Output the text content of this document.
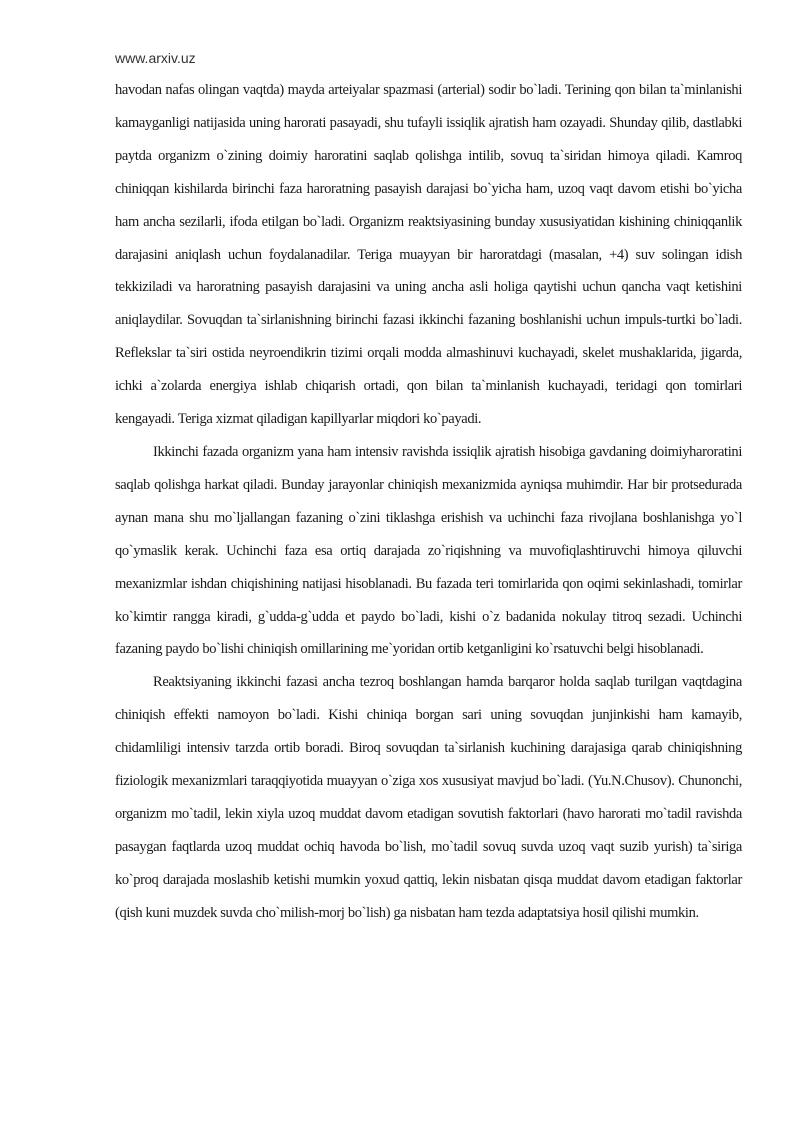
www.arxiv.uz

havodan nafas olingan vaqtda) mayda arteiyalar spazmasi (arterial) sodir bo`ladi. Terining qon bilan ta`minlanishi kamayganligi natijasida uning harorati pasayadi, shu tufayli issiqlik ajratish ham ozayadi. Shunday qilib, dastlabki paytda organizm o`zining doimiy haroratini saqlab qolishga intilib, sovuq ta`siridan himoya qiladi. Kamroq chiniqqan kishilarda birinchi faza haroratning pasayish darajasi bo`yicha ham, uzoq vaqt davom etishi bo`yicha ham ancha sezilarli, ifoda etilgan bo`ladi. Organizm reaktsiyasining bunday xususiyatidan kishining chiniqqanlik darajasini aniqlash uchun foydalanadilar. Teriga muayyan bir haroratdagi (masalan, +4) suv solingan idish tekkiziladi va haroratning pasayish darajasini va uning ancha asli holiga qaytishi uchun qancha vaqt ketishini aniqlaydilar. Sovuqdan ta`sirlanishning birinchi fazasi ikkinchi fazaning boshlanishi uchun impuls-turtki bo`ladi. Reflekslar ta`siri ostida neyroendikrin tizimi orqali modda almashinuvi kuchayadi, skelet mushaklarida, jigarda, ichki a`zolarda energiya ishlab chiqarish ortadi, qon bilan ta`minlanish kuchayadi, teridagi qon tomirlari kengayadi. Teriga xizmat qiladigan kapillyarlar miqdori ko`payadi.

Ikkinchi fazada organizm yana ham intensiv ravishda issiqlik ajratish hisobiga gavdaning doimiyharoratini saqlab qolishga harkat qiladi. Bunday jarayonlar chiniqish mexanizmida ayniqsa muhimdir. Har bir protsedurada aynan mana shu mo`ljallangan fazaning o`zini tiklashga erishish va uchinchi faza rivojlana boshlanishga yo`l qo`ymaslik kerak. Uchinchi faza esa ortiq darajada zo`riqishning va muvofiqlashtiruvchi himoya qiluvchi mexanizmlar ishdan chiqishining natijasi hisoblanadi. Bu fazada teri tomirlarida qon oqimi sekinlashadi, tomirlar ko`kimtir rangga kiradi, g`udda-g`udda et paydo bo`ladi, kishi o`z badanida nokulay titroq sezadi. Uchinchi fazaning paydo bo`lishi chiniqish omillarining me`yoridan ortib ketganligini ko`rsatuvchi belgi hisoblanadi.

Reaktsiyaning ikkinchi fazasi ancha tezroq boshlangan hamda barqaror holda saqlab turilgan vaqtdagina chiniqish effekti namoyon bo`ladi. Kishi chiniqa borgan sari uning sovuqdan junjinkishi ham kamayib, chidamliligi intensiv tarzda ortib boradi. Biroq sovuqdan ta`sirlanish kuchining darajasiga qarab chiniqishning fiziologik mexanizmlari taraqqiyotida muayyan o`ziga xos xususiyat mavjud bo`ladi. (Yu.N.Chusov). Chunonchi, organizm mo`tadil, lekin xiyla uzoq muddat davom etadigan sovutish faktorlari (havo harorati mo`tadil ravishda pasaygan faqtlarda uzoq muddat ochiq havoda bo`lish, mo`tadil sovuq suvda uzoq vaqt suzib yurish) ta`siriga ko`proq darajada moslashib ketishi mumkin yoxud qattiq, lekin nisbatan qisqa muddat davom etadigan faktorlar (qish kuni muzdek suvda cho`milish-morj bo`lish) ga nisbatan ham tezda adaptatsiya hosil qilishi mumkin.
